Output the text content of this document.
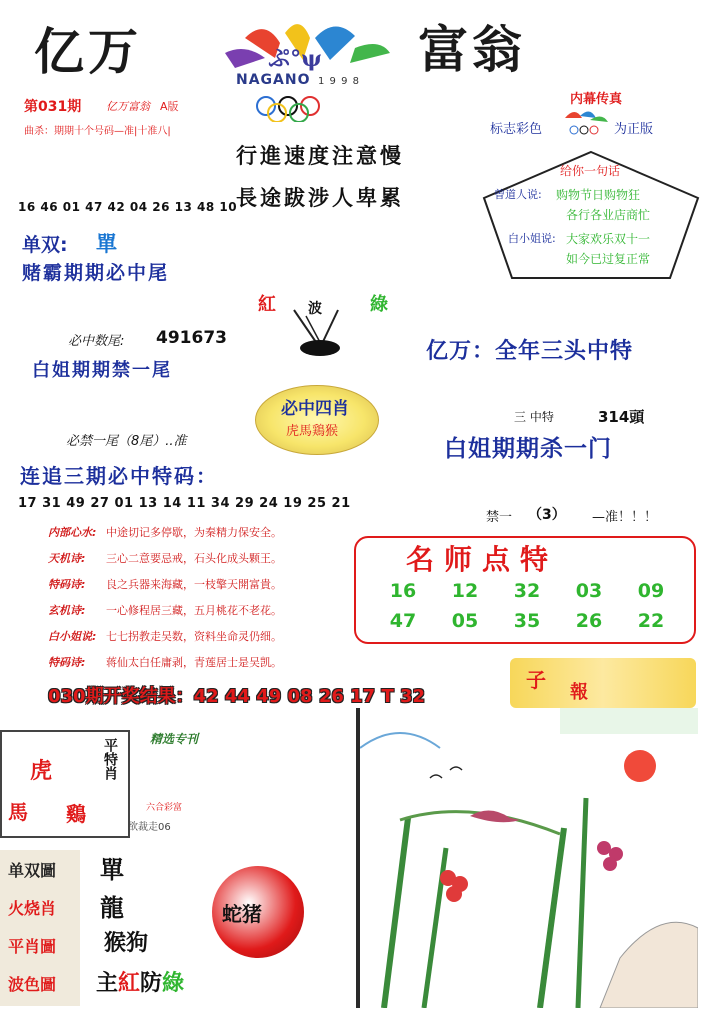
亿万	富翁
ぷ°ψ
NAGANO 1 9 9 8
第031期 亿万富翁 A版
曲杀：期期十个号码—准|十准八|
行進速度注意慢
長途跋涉人卑累
内幕传真
标志彩色	为正版
给你一句话
曾道人说: 购物节日购物狂
各行各业店商忙
白小姐说: 大家欢乐双十一
如今已过复正常
16 46 01 47 42 04 26 13 48 10
单双: 單
赌霸期期必中尾
紅 波	綠
必中数尾: 491673
白姐期期禁一尾
亿万：全年三头中特
必中四肖
虎馬鶏猴
必禁一尾（8尾）..准
三 中特	314頭
白姐期期杀一门
连追三期必中特码：
17 31 49 27 01 13 14 11 34 29 24 19 25 21
禁一 （3） —准！！！
内部心水: 中途切记多停歇，为秦精力保安全。
天机诗: 三心二意要忌戒，石头化成头颗王。
特码诗: 良之兵器来海藏，一枝擎天開富貴。
玄机诗: 一心修程居三藏，五月桃花不老花。
白小姐说: 七七拐教走吴数，资料坐命灵仍细。
特码诗: 蒋仙太白任庸剥，青莲居士是吴凯。
名师点特
16	12	32	03	09
47	05	35	26	22
030期开奖结果：42 44 49 08 26 17 T 32
子
報
虎
馬 鷄
平特肖	精选专刊
六合彩富
欲裁走06
单双圖
火烧肖
平肖圖
波色圖
單
龍
猴狗
主紅防綠
蛇猪
